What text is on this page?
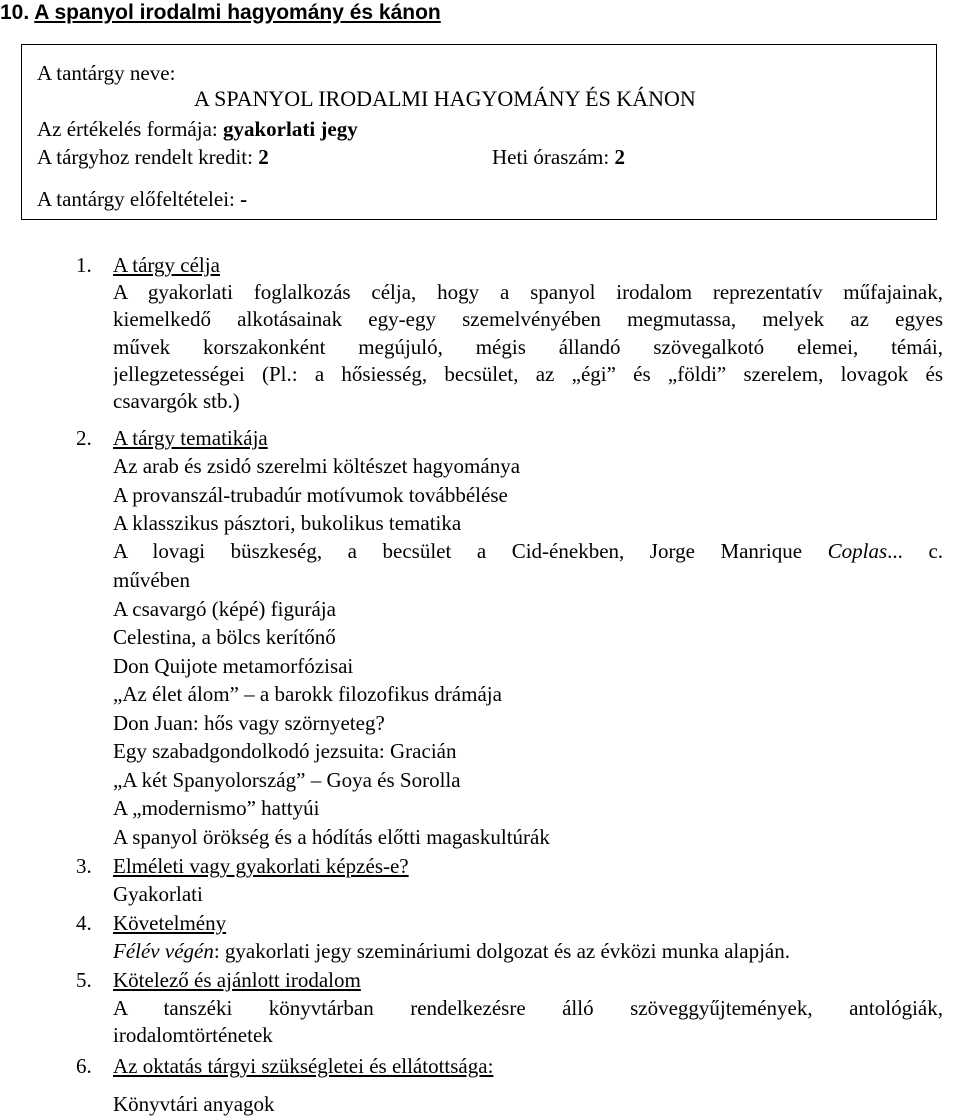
10. A spanyol irodalmi hagyomány és kánon
A tantárgy neve:
A SPANYOL IRODALMI HAGYOMÁNY ÉS KÁNON
Az értékelés formája: gyakorlati jegy
A tárgyhoz rendelt kredit: 2	Heti óraszám: 2
A tantárgy előfeltételei: -
1. A tárgy célja
A gyakorlati foglalkozás célja, hogy a spanyol irodalom reprezentatív műfajainak,
kiemelkedő alkotásainak egy-egy szemelvényében megmutassa, melyek az egyes
művek korszakonként megújuló, mégis állandó szövegalkotó elemei, témái,
jellegzetességei (Pl.: a hősiesség, becsület, az „égi” és „földi” szerelem, lovagok és
csavargók stb.)
2. A tárgy tematikája
Az arab és zsidó szerelmi költészet hagyománya
A provanszál-trubadúr motívumok továbbélése
A klasszikus pásztori, bukolikus tematika
A lovagi büszkeség, a becsület a Cid-énekben, Jorge Manrique Coplas... c.
művében
A csavargó (képé) figurája
Celestina, a bölcs kerítőnő
Don Quijote metamorfózisai
„Az élet álom” – a barokk filozofikus drámája
Don Juan: hős vagy szörnyeteg?
Egy szabadgondolkodó jezsuita: Gracián
„A két Spanyolország” – Goya és Sorolla
A „modernismo” hattyúi
A spanyol örökség és a hódítás előtti magaskultúrák
3. Elméleti vagy gyakorlati képzés-e?
Gyakorlati
4. Követelmény
Félév végén: gyakorlati jegy szemináriumi dolgozat és az évközi munka alapján.
5. Kötelező és ajánlott irodalom
A tanszéki könyvtárban rendelkezésre álló szöveggyűjtemények, antológiák,
irodalomtörténetek
6. Az oktatás tárgyi szükségletei és ellátottsága:
Könyvtári anyagok
